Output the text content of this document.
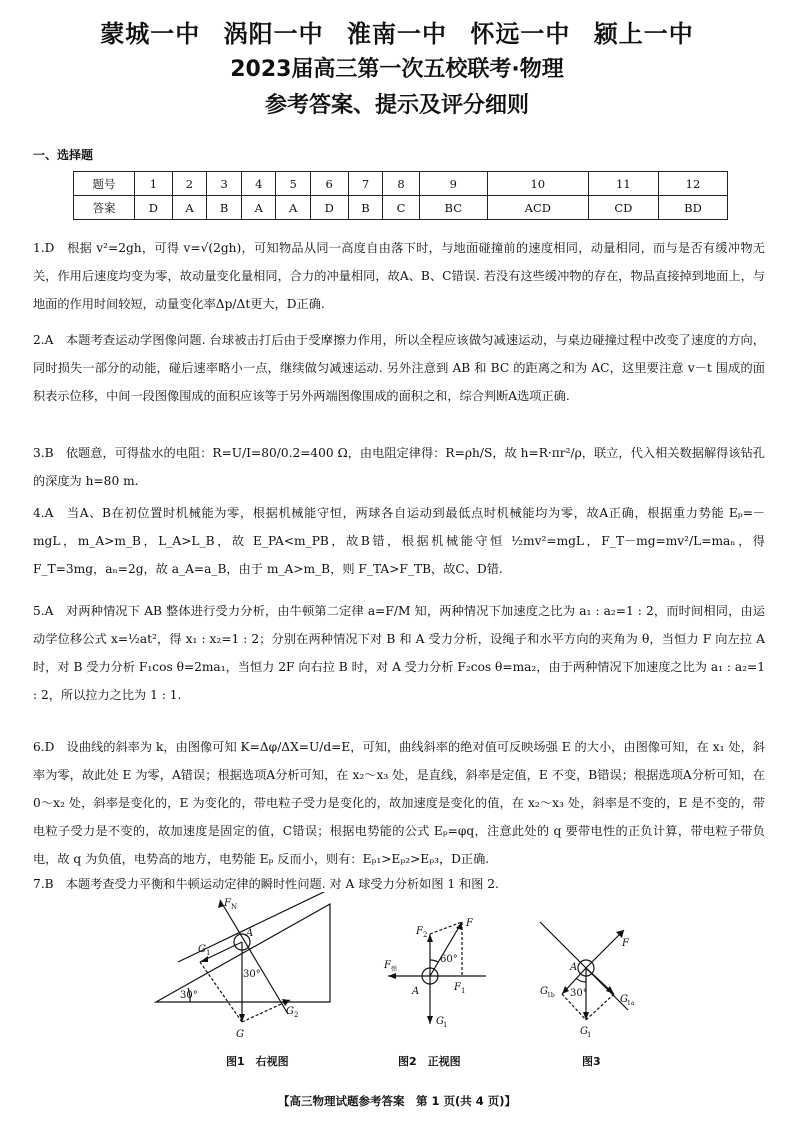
蒙城一中 涡阳一中 淮南一中 怀远一中 颍上一中
2023届高三第一次五校联考·物理
参考答案、提示及评分细则
一、选择题
题号	1	2	3	4	5	6	7	8	9	10	11	12
答案	D	A	B	A	A	D	B	C	BC	ACD	CD	BD
1.D　根据 v²=2gh，可得 v=√(2gh)，可知物品从同一高度自由落下时，与地面碰撞前的速度相同，动量相同，而与是否有缓冲物无关，作用后速度均变为零，故动量变化量相同，合力的冲量相同，故A、B、C错误. 若没有这些缓冲物的存在，物品直接掉到地面上，与地面的作用时间较短，动量变化率Δp/Δt更大，D正确.
2.A　本题考查运动学图像问题. 台球被击打后由于受摩擦力作用，所以全程应该做匀减速运动，与桌边碰撞过程中改变了速度的方向，同时损失一部分的动能，碰后速率略小一点，继续做匀减速运动. 另外注意到 AB 和 BC 的距离之和为 AC，这里要注意 v－t 围成的面积表示位移，中间一段图像围成的面积应该等于另外两端图像围成的面积之和，综合判断A选项正确.
3.B　依题意，可得盐水的电阻：R=U/I=80/0.2=400 Ω，由电阻定律得：R=ρh/S，故 h=R·πr²/ρ，联立，代入相关数据解得该钻孔的深度为 h=80 m.
4.A　当A、B在初位置时机械能为零，根据机械能守恒，两球各自运动到最低点时机械能均为零，故A正确，根据重力势能 Eₚ=－mgL，m_A>m_B，L_A>L_B，故 E_PA<m_PB，故B错，根据机械能守恒 ½mv²=mgL，F_T－mg=mv²/L=maₙ，得 F_T=3mg，aₙ=2g，故 a_A=a_B，由于 m_A>m_B，则 F_TA>F_TB，故C、D错.
5.A　对两种情况下 AB 整体进行受力分析，由牛顿第二定律 a=F/M 知，两种情况下加速度之比为 a₁ : a₂=1 : 2，而时间相同，由运动学位移公式 x=½at²，得 x₁ : x₂=1 : 2；分别在两种情况下对 B 和 A 受力分析，设绳子和水平方向的夹角为 θ，当恒力 F 向左拉 A 时，对 B 受力分析 F₁cos θ=2ma₁，当恒力 2F 向右拉 B 时，对 A 受力分析 F₂cos θ=ma₂，由于两种情况下加速度之比为 a₁ : a₂=1 : 2，所以拉力之比为 1 : 1.
6.D　设曲线的斜率为 k，由图像可知 K=Δφ/ΔX=U/d=E，可知，曲线斜率的绝对值可反映场强 E 的大小，由图像可知，在 x₁ 处，斜率为零，故此处 E 为零，A错误；根据选项A分析可知，在 x₂～x₃ 处，是直线，斜率是定值，E 不变，B错误；根据选项A分析可知，在 0～x₂ 处，斜率是变化的，E 为变化的，带电粒子受力是变化的，故加速度是变化的值，在 x₂～x₃ 处，斜率是不变的，E 是不变的，带电粒子受力是不变的，故加速度是固定的值，C错误；根据电势能的公式 Eₚ=φq，注意此处的 q 要带电性的正负计算，带电粒子带负电，故 q 为负值，电势高的地方，电势能 Eₚ 反而小，则有：Eₚ₁>Eₚ₂>Eₚ₃，D正确.
7.B　本题考查受力平衡和牛顿运动定律的瞬时性问题. 对 A 球受力分析如图 1 和图 2.
F N
A
G 1
30°
30°
G
G 2
图1　右视图
F 2
F
60°
F 弹
A	F 1
G 1
图2　正视图
F
A
G 1b 30°
G 1a
G 1
图3
【高三物理试题参考答案　第 1 页(共 4 页)】
